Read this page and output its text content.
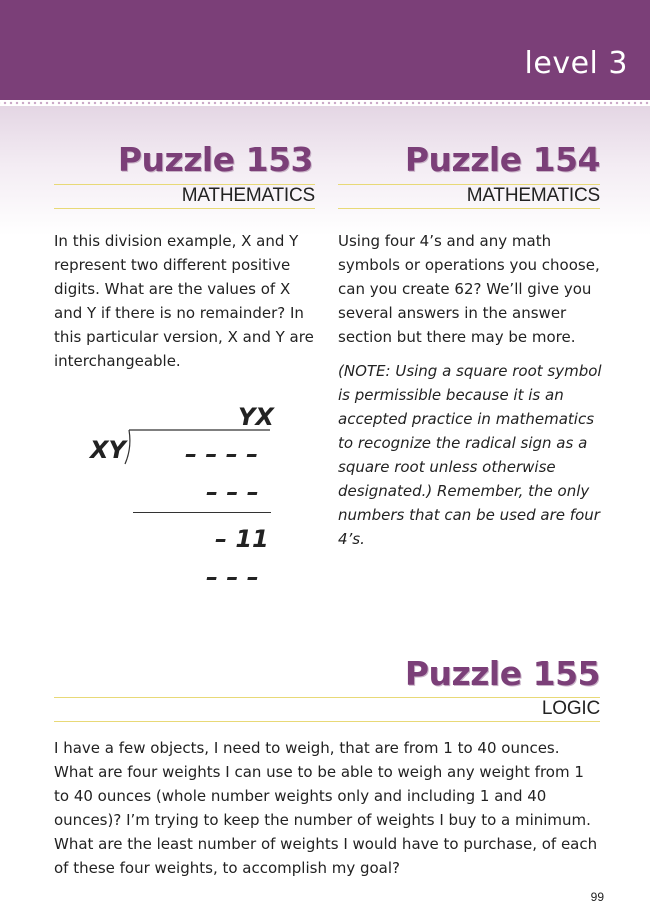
level 3
Puzzle 153
MATHEMATICS

In this division example, X and Y represent two different positive digits. What are the values of X and Y if there is no remainder? In this particular version, X and Y are interchangeable.

YX
XY – – – –
– – –
– 11
– – –
Puzzle 154
MATHEMATICS

Using four 4’s and any math symbols or operations you choose, can you create 62? We’ll give you several answers in the answer section but there may be more.

(NOTE: Using a square root symbol is permissible because it is an accepted practice in mathematics to recognize the radical sign as a square root unless otherwise designated.) Remember, the only numbers that can be used are four 4’s.

Puzzle 155
LOGIC

I have a few objects, I need to weigh, that are from 1 to 40 ounces. What are four weights I can use to be able to weigh any weight from 1 to 40 ounces (whole number weights only and including 1 and 40 ounces)? I’m trying to keep the number of weights I buy to a minimum. What are the least number of weights I would have to purchase, of each of these four weights, to accomplish my goal?

99
